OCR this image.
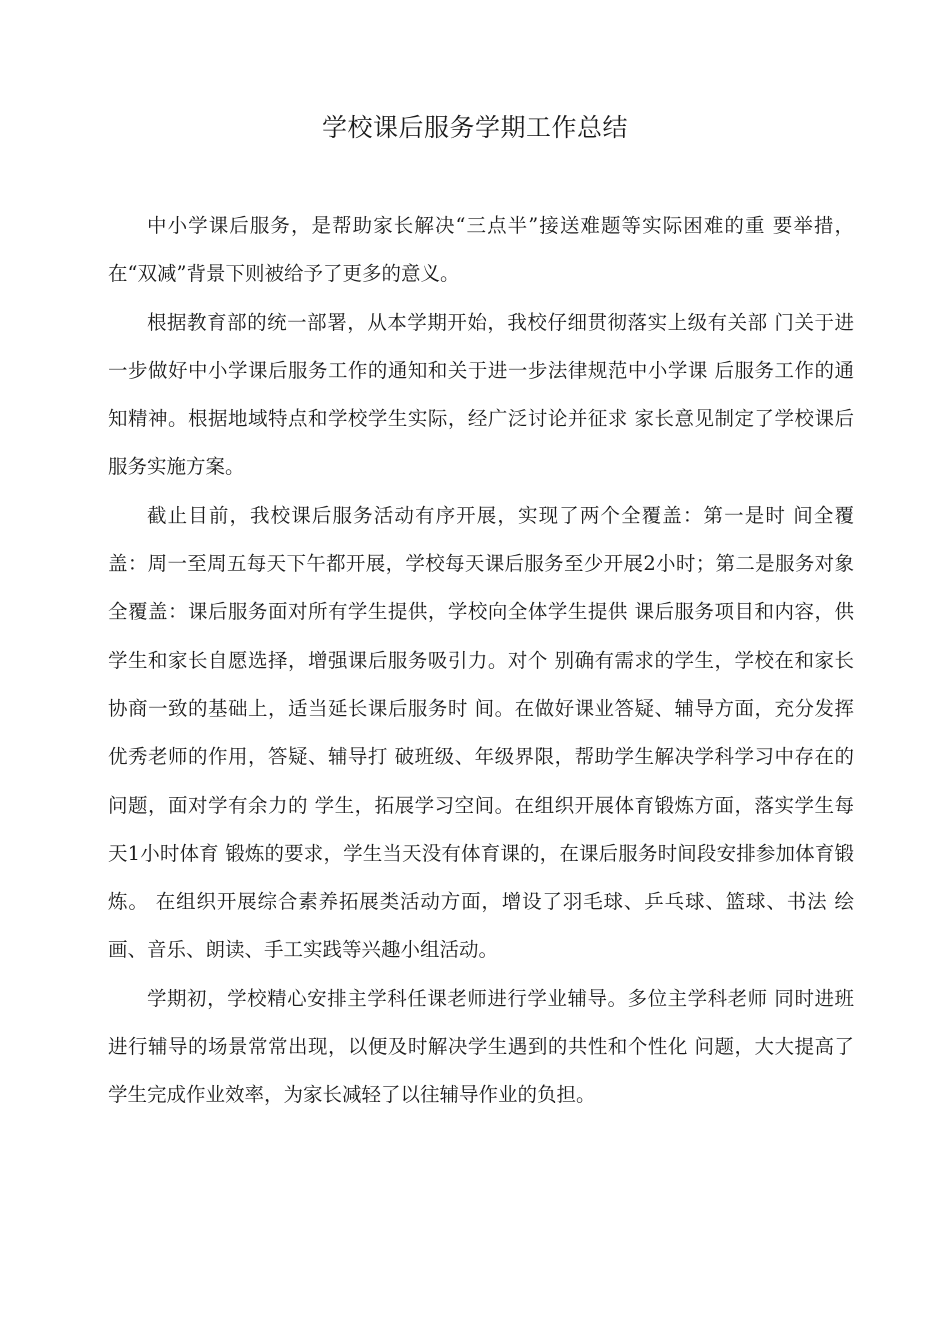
学校课后服务学期工作总结

中小学课后服务，是帮助家长解决“三点半”接送难题等实际困难的重 要举措，在“双减”背景下则被给予了更多的意义。

根据教育部的统一部署，从本学期开始，我校仔细贯彻落实上级有关部 门关于进一步做好中小学课后服务工作的通知和关于进一步法律规范中小学课 后服务工作的通知精神。根据地域特点和学校学生实际，经广泛讨论并征求 家长意见制定了学校课后服务实施方案。

截止目前，我校课后服务活动有序开展，实现了两个全覆盖：第一是时 间全覆盖：周一至周五每天下午都开展，学校每天课后服务至少开展2小时；第二是服务对象全覆盖：课后服务面对所有学生提供，学校向全体学生提供 课后服务项目和内容，供学生和家长自愿选择，增强课后服务吸引力。对个 别确有需求的学生，学校在和家长协商一致的基础上，适当延长课后服务时 间。在做好课业答疑、辅导方面，充分发挥优秀老师的作用，答疑、辅导打 破班级、年级界限，帮助学生解决学科学习中存在的问题，面对学有余力的 学生，拓展学习空间。在组织开展体育锻炼方面，落实学生每天1小时体育 锻炼的要求，学生当天没有体育课的，在课后服务时间段安排参加体育锻炼。 在组织开展综合素养拓展类活动方面，增设了羽毛球、乒乓球、篮球、书法 绘画、音乐、朗读、手工实践等兴趣小组活动。

学期初，学校精心安排主学科任课老师进行学业辅导。多位主学科老师 同时进班进行辅导的场景常常出现，以便及时解决学生遇到的共性和个性化 问题，大大提高了学生完成作业效率，为家长减轻了以往辅导作业的负担。
